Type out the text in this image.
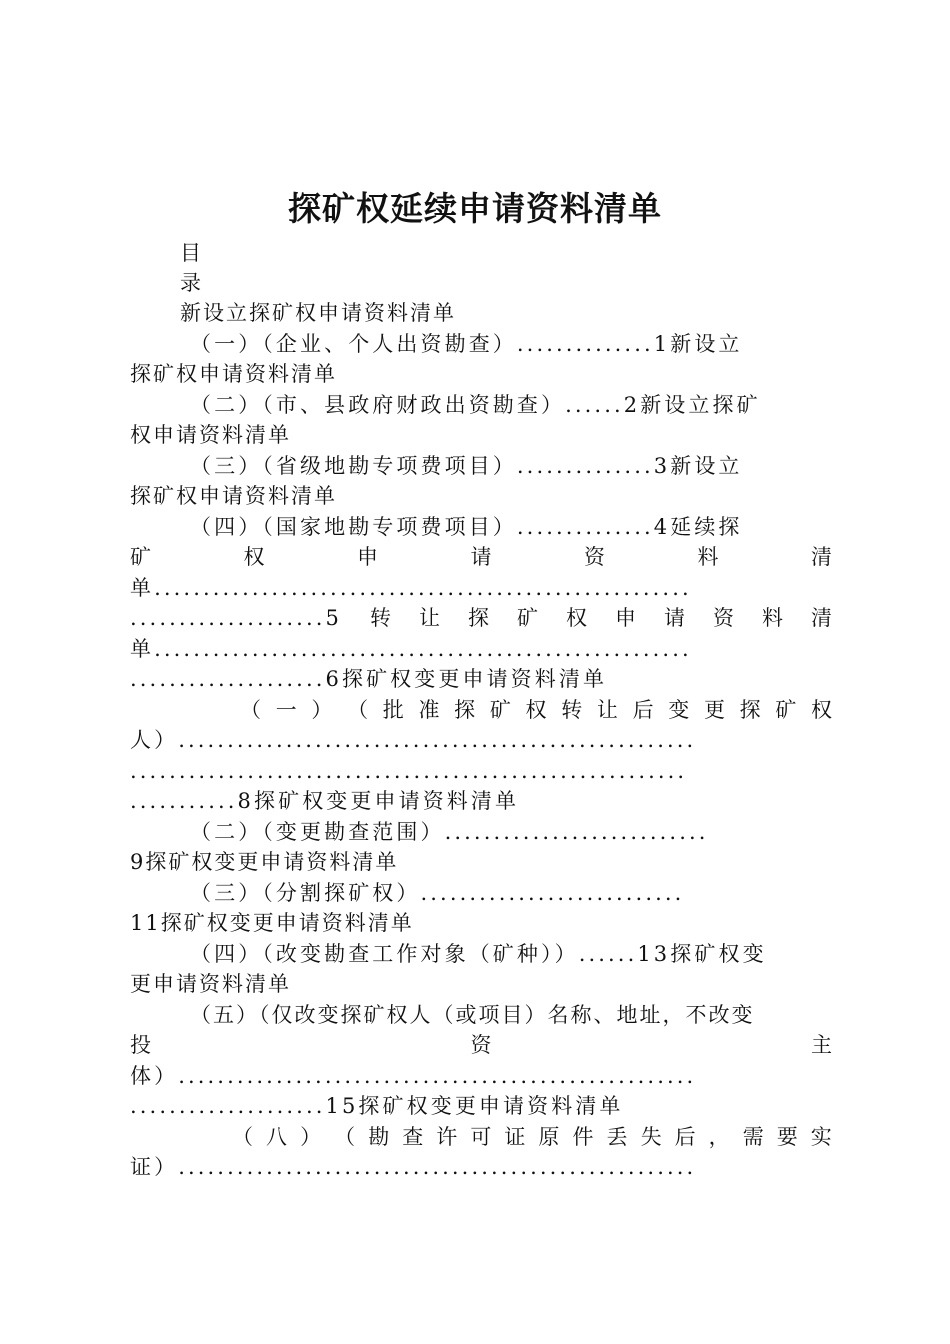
探矿权延续申请资料清单
目
录
新设立探矿权申请资料清单
（一）（企业、个人出资勘查）..............1新设立
探矿权申请资料清单
（二）（市、县政府财政出资勘查）......2新设立探矿
权申请资料清单
（三）（省级地勘专项费项目）..............3新设立
探矿权申请资料清单
（四）（国家地勘专项费项目）..............4延续探
矿	权	申	请	资	料	清
单.......................................................
....................5 转 让 探 矿 权 申 请 资 料 清
单.......................................................
....................6探矿权变更申请资料清单
（ 一 ） （ 批 准 探 矿 权 转 让 后 变 更 探 矿 权
人）.....................................................
.........................................................
...........8探矿权变更申请资料清单
（二）（变更勘查范围）...........................
9探矿权变更申请资料清单
（三）（分割探矿权）...........................
11探矿权变更申请资料清单
（四）（改变勘查工作对象（矿种））......13探矿权变
更申请资料清单
（五）（仅改变探矿权人（或项目）名称、地址，不改变
投	资	主
体）.....................................................
....................15探矿权变更申请资料清单
（ 八 ） （ 勘 查 许 可 证 原 件 丢 失 后 ， 需 要 实
证）.....................................................
